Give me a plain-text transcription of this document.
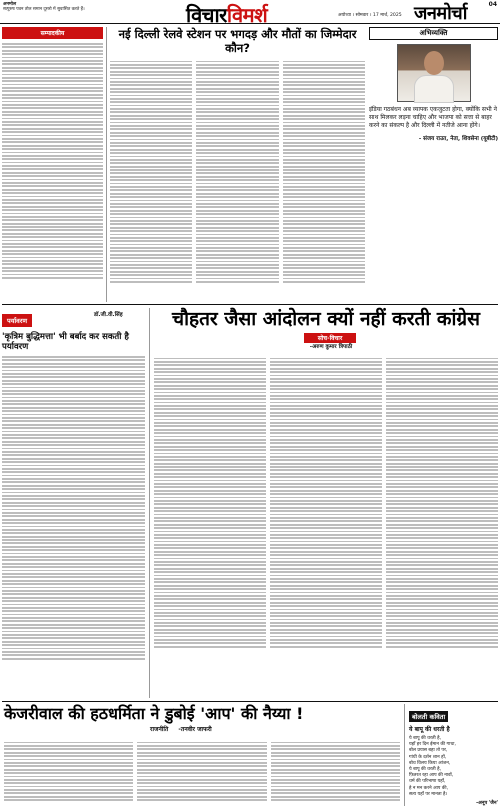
अनमोल
सत्पुरुष पवन तोल समान दूसरो में सुवासित करते हैं।	विचारविमर्श	अयोध्या । सोमवार । 17 मार्च, 2025 जनमोर्चा	04
सम्पादकीय	नई दिल्ली रेलवे स्टेशन पर भगदड़ और मौतों का जिम्मेदार कौन?
अभिव्यक्ति
इंडिया गठबंधन अब व्यापक एकजुटता होगा, क्योंकि सभी ने साथ मिलकर लड़ना चाहिए और भाजपा को सत्ता से बाहर करने का संकल्प है और दिल्ली में नतीजे आना होंगे।
- संजय राउत, नेता, शिवसेना (यूबीटी)
पर्यावरण
डॉ.जी.वी.सिंह
'कृत्रिम बुद्धिमत्ता' भी बर्बाद कर सकती है पर्यावरण
चौहतर जैसा आंदोलन क्यों नहीं करती कांग्रेस
सोच-विचार
-अरुण कुमार त्रिपाठी
केजरीवाल की हठधर्मिता ने डुबोई 'आप' की नैय्या !
राजनीति -तनवीर जाफरी
बोलती कविता
ये बापू की धरती है
ये बापू की धरती है,
यहाँ हर दिन ईमान की गाथा,
बोल प्रयास बहा तो पर,
गांधी के दर्शन शान हों,
बोध विलय किया आंजन,
ये बापू की धरती है,
फ़ितरत रहा आप की नावों,
धर्म की परिभाषा यहाँ,
हे न मन करने आप की,
सत्य यहाँ पर मानता है।
-अनूप 'जैन'
